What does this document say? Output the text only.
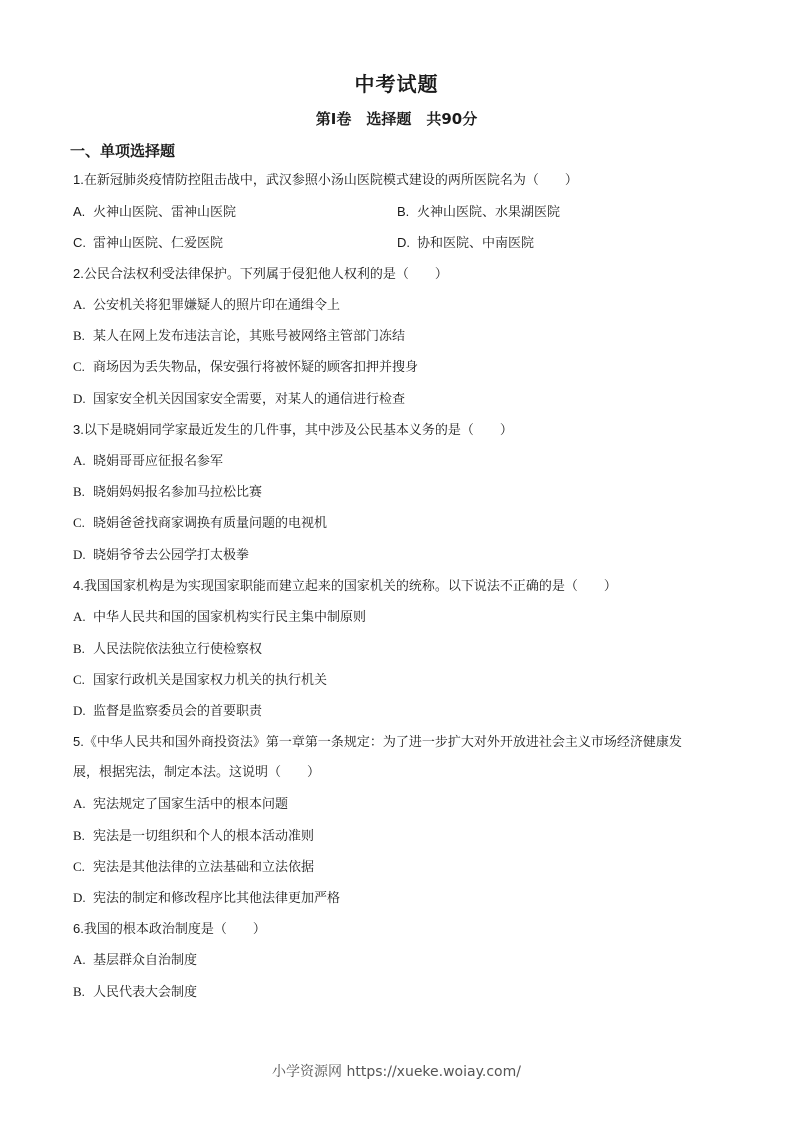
中考试题
第Ⅰ卷　选择题　共90分
一、单项选择题
1.在新冠肺炎疫情防控阻击战中，武汉参照小汤山医院模式建设的两所医院名为（　　）
A. 火神山医院、雷神山医院	B. 火神山医院、水果湖医院
C. 雷神山医院、仁爱医院	D. 协和医院、中南医院
2.公民合法权利受法律保护。下列属于侵犯他人权利的是（　　）
A. 公安机关将犯罪嫌疑人的照片印在通缉令上
B. 某人在网上发布违法言论，其账号被网络主管部门冻结
C. 商场因为丢失物品，保安强行将被怀疑的顾客扣押并搜身
D. 国家安全机关因国家安全需要，对某人的通信进行检查
3.以下是晓娟同学家最近发生的几件事，其中涉及公民基本义务的是（　　）
A. 晓娟哥哥应征报名参军
B. 晓娟妈妈报名参加马拉松比赛
C. 晓娟爸爸找商家调换有质量问题的电视机
D. 晓娟爷爷去公园学打太极拳
4.我国国家机构是为实现国家职能而建立起来的国家机关的统称。以下说法不正确的是（　　）
A. 中华人民共和国的国家机构实行民主集中制原则
B. 人民法院依法独立行使检察权
C. 国家行政机关是国家权力机关的执行机关
D. 监督是监察委员会的首要职责
5.《中华人民共和国外商投资法》第一章第一条规定：为了进一步扩大对外开放进社会主义市场经济健康发
展，根据宪法，制定本法。这说明（　　）
A. 宪法规定了国家生活中的根本问题
B. 宪法是一切组织和个人的根本活动准则
C. 宪法是其他法律的立法基础和立法依据
D. 宪法的制定和修改程序比其他法律更加严格
6.我国的根本政治制度是（　　）
A. 基层群众自治制度
B. 人民代表大会制度
小学资源网 https://xueke.woiay.com/
